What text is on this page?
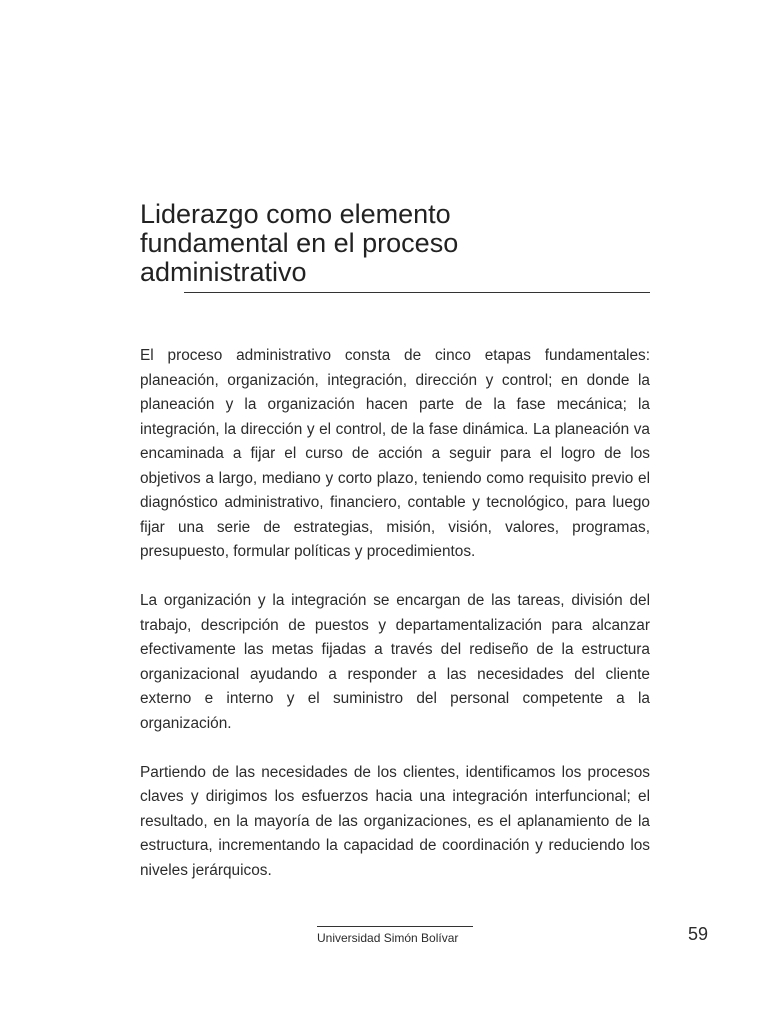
Liderazgo como elemento
fundamental en el proceso
administrativo

El proceso administrativo consta de cinco etapas fundamentales: planeación, organización, integración, dirección y control; en donde la planeación y la organización hacen parte de la fase mecánica; la integración, la dirección y el control, de la fase dinámica. La planeación va encaminada a fijar el curso de acción a seguir para el logro de los objetivos a largo, mediano y corto plazo, teniendo como requisito previo el diagnóstico administrativo, financiero, contable y tecnológico, para luego fijar una serie de estrategias, misión, visión, valores, programas, presupuesto, formular políticas y procedimientos.

La organización y la integración se encargan de las tareas, división del trabajo, descripción de puestos y departamentalización para alcanzar efectivamente las metas fijadas a través del rediseño de la estructura organizacional ayudando a responder a las necesidades del cliente externo e interno y el suministro del personal competente a la organización.

Partiendo de las necesidades de los clientes, identificamos los procesos claves y dirigimos los esfuerzos hacia una integración interfuncional; el resultado, en la mayoría de las organizaciones, es el aplanamiento de la estructura, incrementando la capacidad de coordinación y reduciendo los niveles jerárquicos.

Universidad Simón Bolívar	59
